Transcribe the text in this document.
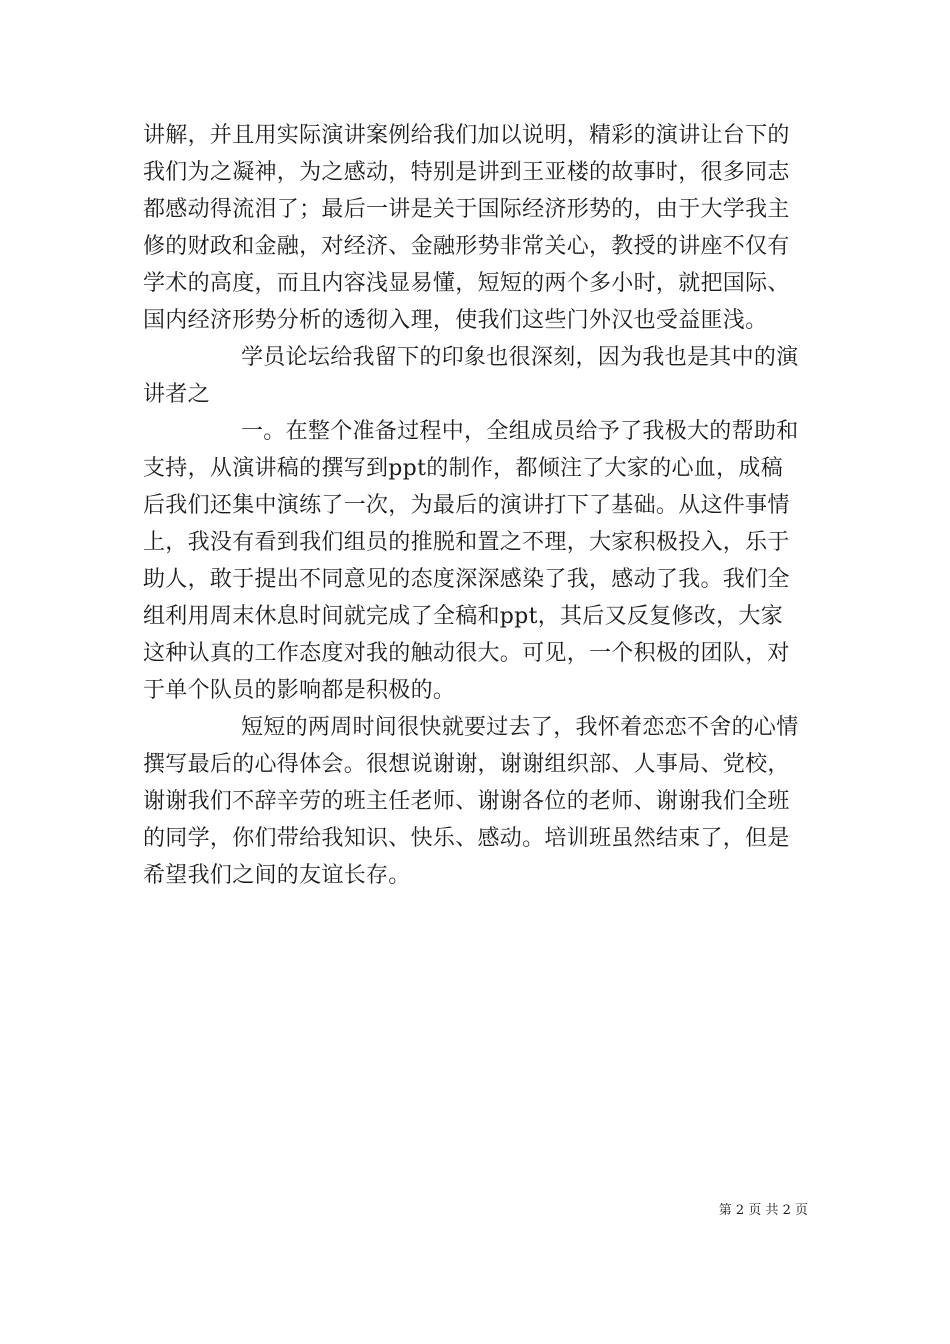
讲解，并且用实际演讲案例给我们加以说明，精彩的演讲让台下的
我们为之凝神，为之感动，特别是讲到王亚楼的故事时，很多同志
都感动得流泪了；最后一讲是关于国际经济形势的，由于大学我主
修的财政和金融，对经济、金融形势非常关心，教授的讲座不仅有
学术的高度，而且内容浅显易懂，短短的两个多小时，就把国际、
国内经济形势分析的透彻入理，使我们这些门外汉也受益匪浅。
学员论坛给我留下的印象也很深刻，因为我也是其中的演
讲者之
一。在整个准备过程中，全组成员给予了我极大的帮助和
支持，从演讲稿的撰写到ppt的制作，都倾注了大家的心血，成稿
后我们还集中演练了一次，为最后的演讲打下了基础。从这件事情
上，我没有看到我们组员的推脱和置之不理，大家积极投入，乐于
助人，敢于提出不同意见的态度深深感染了我，感动了我。我们全
组利用周末休息时间就完成了全稿和ppt，其后又反复修改，大家
这种认真的工作态度对我的触动很大。可见，一个积极的团队，对
于单个队员的影响都是积极的。
短短的两周时间很快就要过去了，我怀着恋恋不舍的心情
撰写最后的心得体会。很想说谢谢，谢谢组织部、人事局、党校，
谢谢我们不辞辛劳的班主任老师、谢谢各位的老师、谢谢我们全班
的同学，你们带给我知识、快乐、感动。培训班虽然结束了，但是
希望我们之间的友谊长存。
第 2 页 共 2 页
